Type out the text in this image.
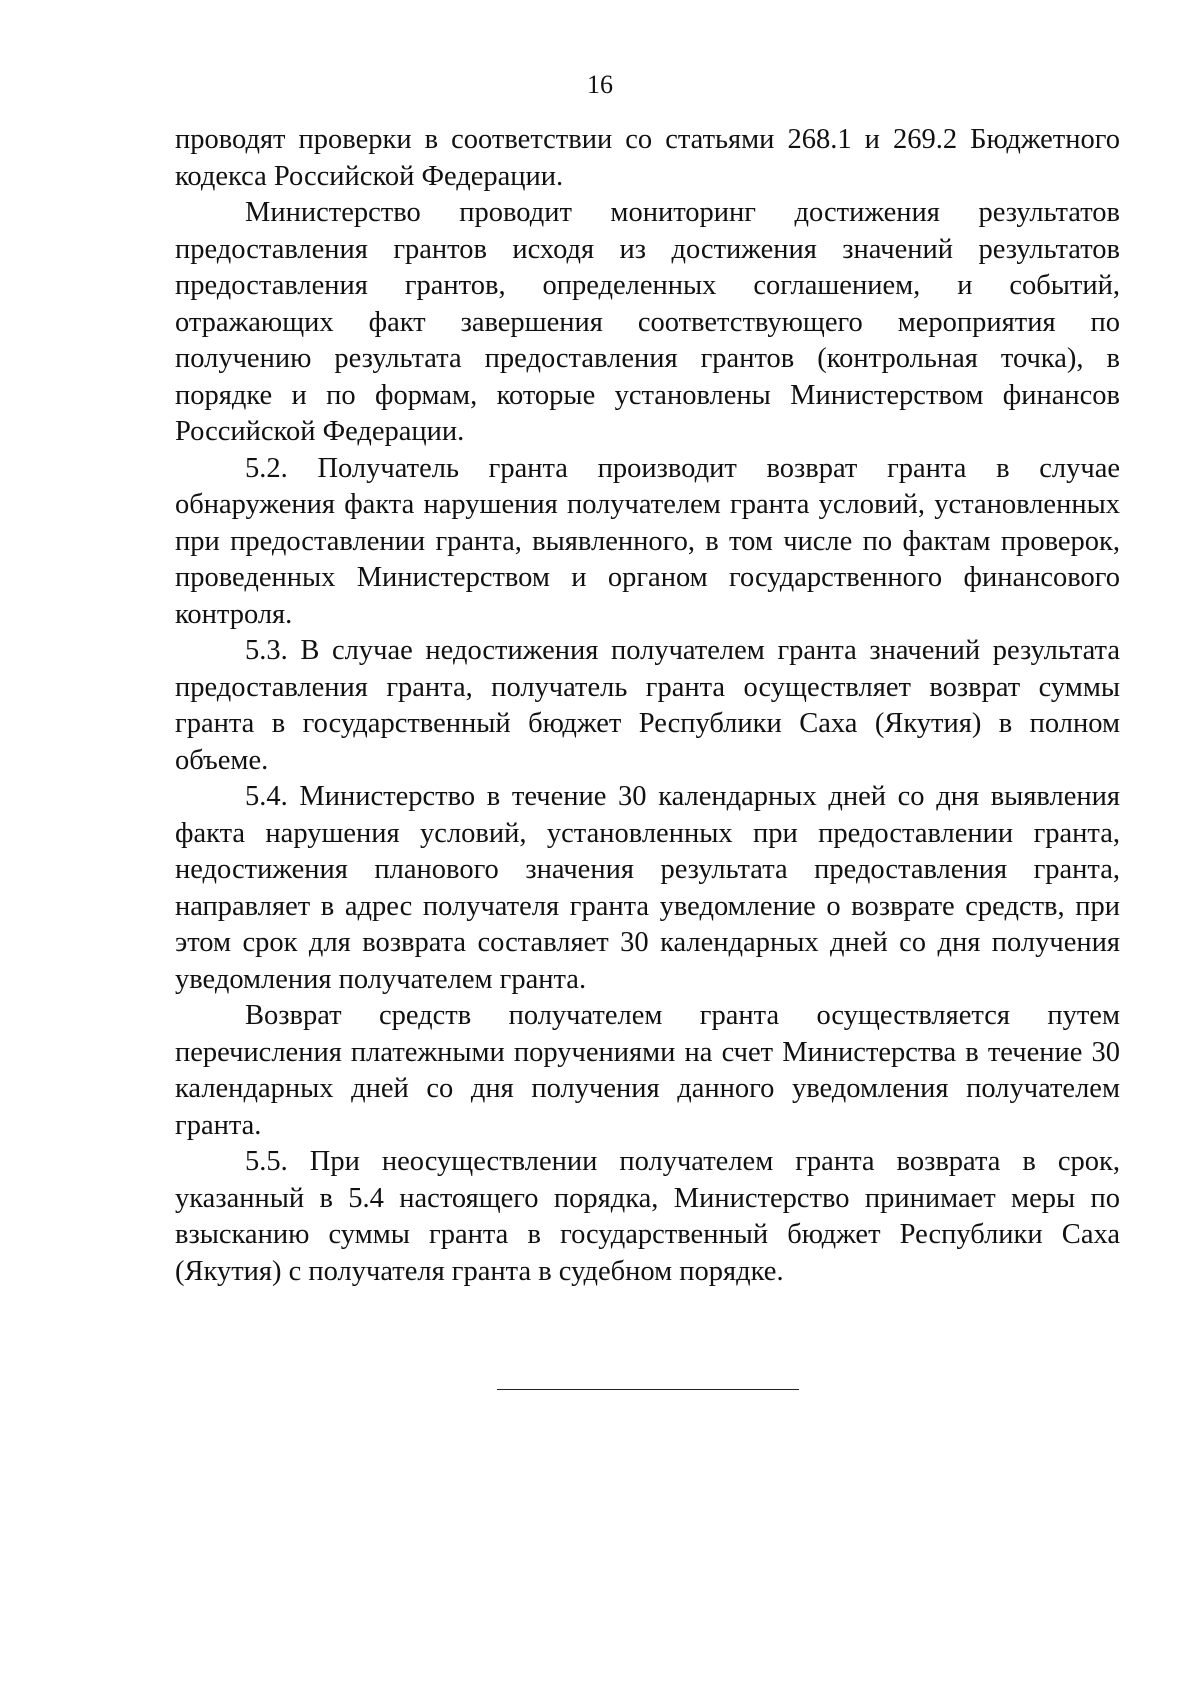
16

проводят проверки в соответствии со статьями 268.1 и 269.2 Бюджетного кодекса Российской Федерации.

Министерство проводит мониторинг достижения результатов предоставления грантов исходя из достижения значений результатов предоставления грантов, определенных соглашением, и событий, отражающих факт завершения соответствующего мероприятия по получению результата предоставления грантов (контрольная точка), в порядке и по формам, которые установлены Министерством финансов Российской Федерации.

5.2. Получатель гранта производит возврат гранта в случае обнаружения факта нарушения получателем гранта условий, установленных при предоставлении гранта, выявленного, в том числе по фактам проверок, проведенных Министерством и органом государственного финансового контроля.

5.3. В случае недостижения получателем гранта значений результата предоставления гранта, получатель гранта осуществляет возврат суммы гранта в государственный бюджет Республики Саха (Якутия) в полном объеме.

5.4. Министерство в течение 30 календарных дней со дня выявления факта нарушения условий, установленных при предоставлении гранта, недостижения планового значения результата предоставления гранта, направляет в адрес получателя гранта уведомление о возврате средств, при этом срок для возврата составляет 30 календарных дней со дня получения уведомления получателем гранта.

Возврат средств получателем гранта осуществляется путем перечисления платежными поручениями на счет Министерства в течение 30 календарных дней со дня получения данного уведомления получателем гранта.

5.5. При неосуществлении получателем гранта возврата в срок, указанный в 5.4 настоящего порядка, Министерство принимает меры по взысканию суммы гранта в государственный бюджет Республики Саха (Якутия) с получателя гранта в судебном порядке.
